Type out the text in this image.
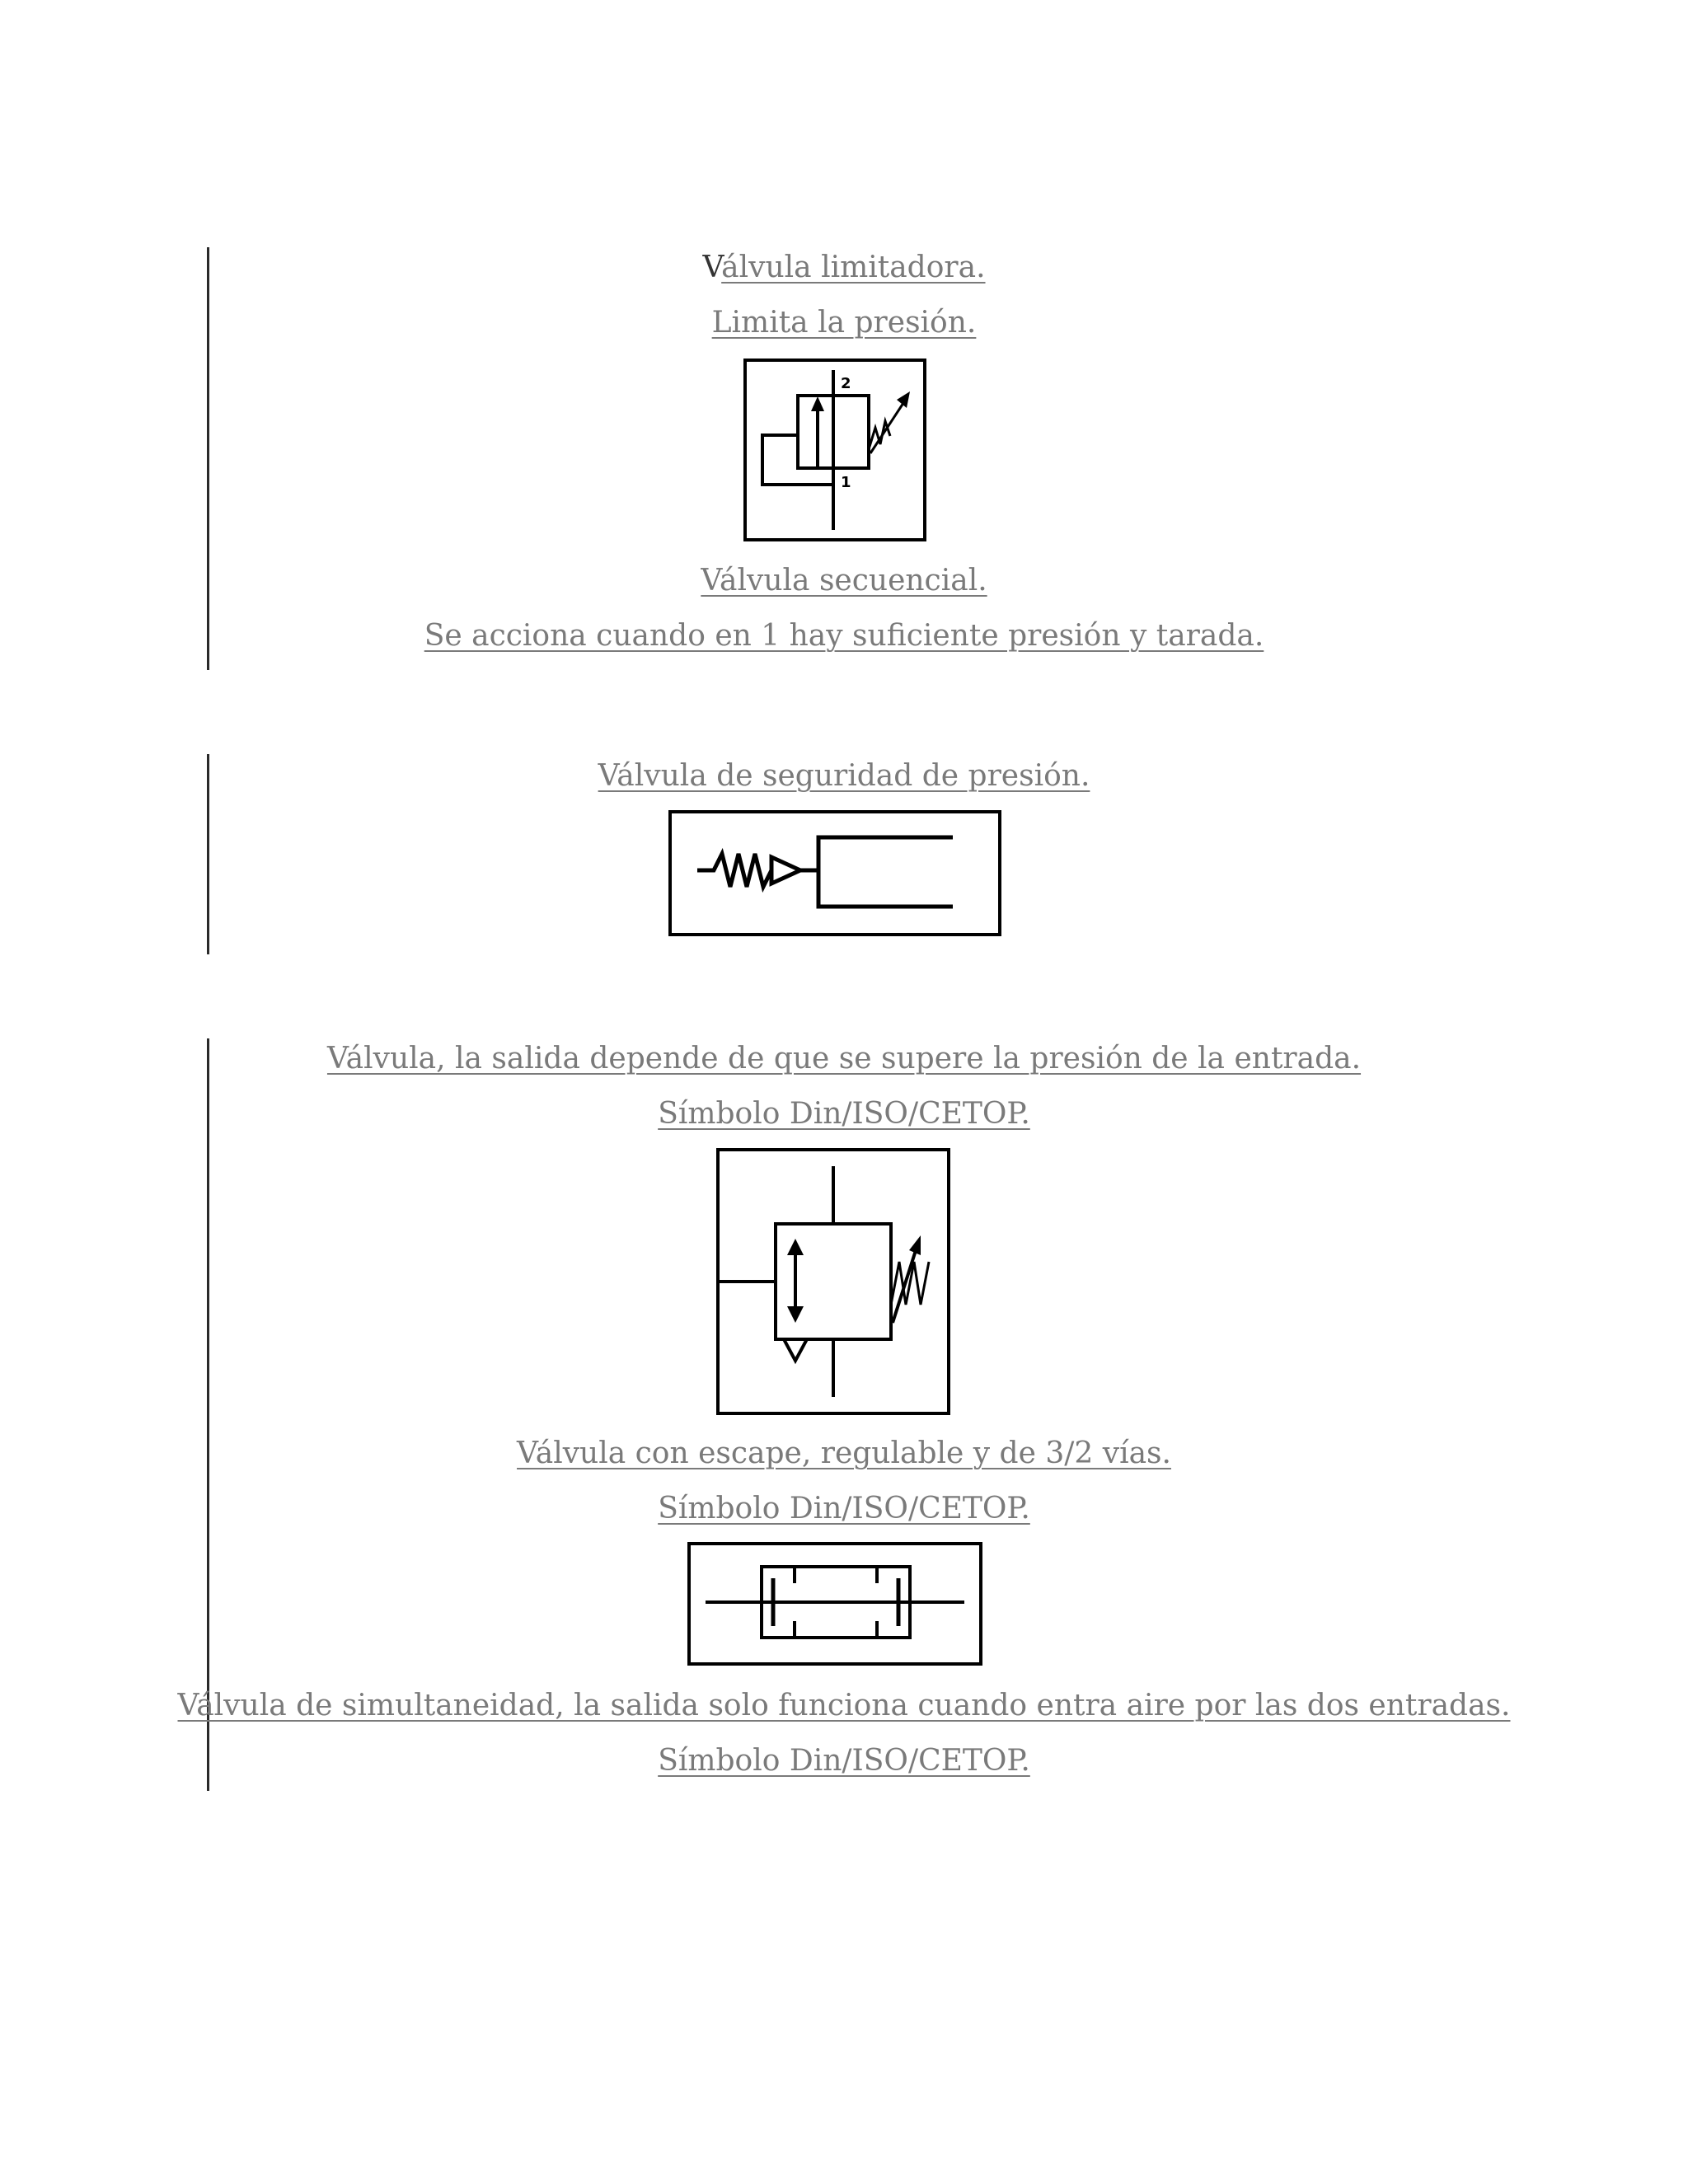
Válvula limitadora.
Limita la presión.
2
1
Válvula secuencial.
Se acciona cuando en 1 hay suficiente presión y tarada.
Válvula de seguridad de presión.
Válvula, la salida depende de que se supere la presión de la entrada.
Símbolo Din/ISO/CETOP.
Válvula con escape, regulable y de 3/2 vías.
Símbolo Din/ISO/CETOP.
Válvula de simultaneidad, la salida solo funciona cuando entra aire por las dos entradas.
Símbolo Din/ISO/CETOP.
